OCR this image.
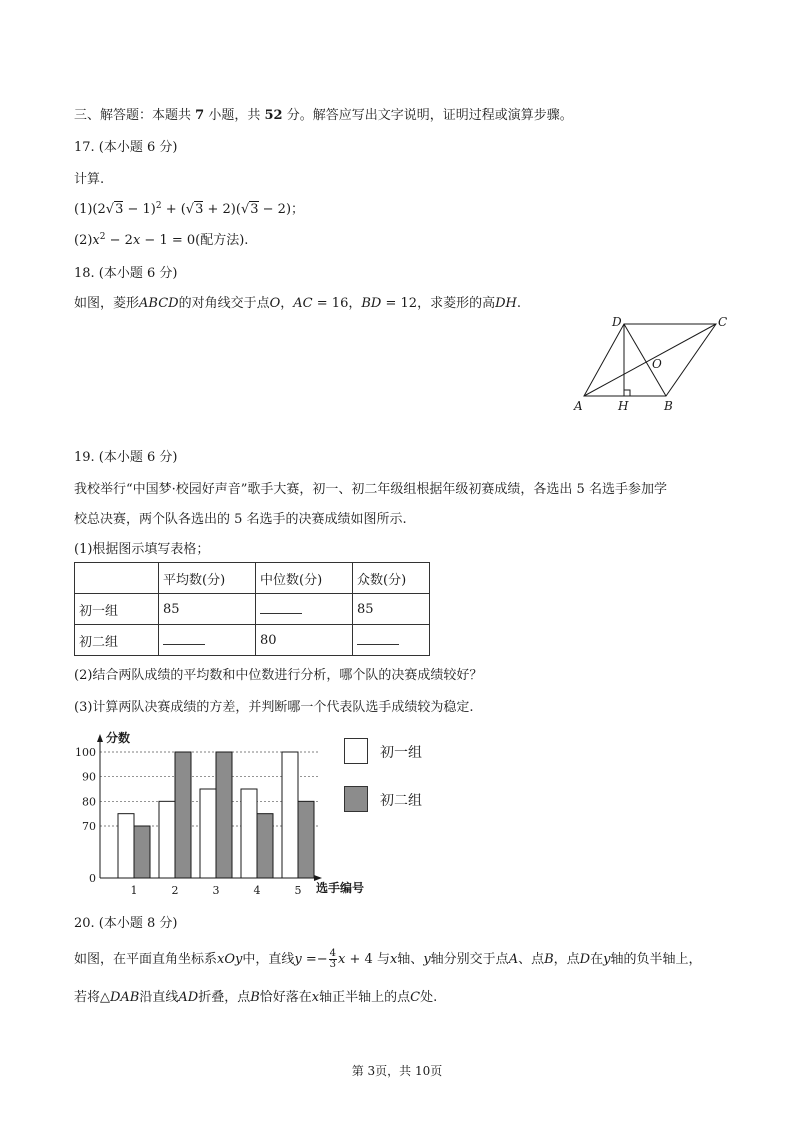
三、解答题：本题共 7 小题，共 52 分。解答应写出文字说明，证明过程或演算步骤。
17. (本小题 6 分)
计算.
$(1)(2√3 - 1)^2 + (√3 + 2)(√3 - 2)$；
$(2)x^2 - 2x - 1 = 0$(配方法).
18. (本小题 6 分)
如图，菱形ABCD的对角线交于点O，AC = 16，BD = 12，求菱形的高DH.
A	H	B
C
D
O
19. (本小题 6 分)
我校举行“中国梦·校园好声音”歌手大赛，初一、初二年级组根据年级初赛成绩，各选出 5 名选手参加学
校总决赛，两个队各选出的 5 名选手的决赛成绩如图所示.
(1)根据图示填写表格；
	平均数(分)	中位数(分)	众数(分)
初一组	85		85
初二组		80	
(2)结合两队成绩的平均数和中位数进行分析，哪个队的决赛成绩较好？
(3)计算两队决赛成绩的方差，并判断哪一个代表队选手成绩较为稳定.
0
70
80
90
100
分数
选手编号
1	2	3	4	5
初一组
初二组
20. (本小题 8 分)
如图，在平面直角坐标系xOy中，直线$y =- \frac{4}{3}$ x + 4 与x轴、y轴分别交于点A、点B，点D在y轴的负半轴上，
若将△DAB沿直线AD折叠，点B恰好落在x轴正半轴上的点C处.
第 3页，共 10页
